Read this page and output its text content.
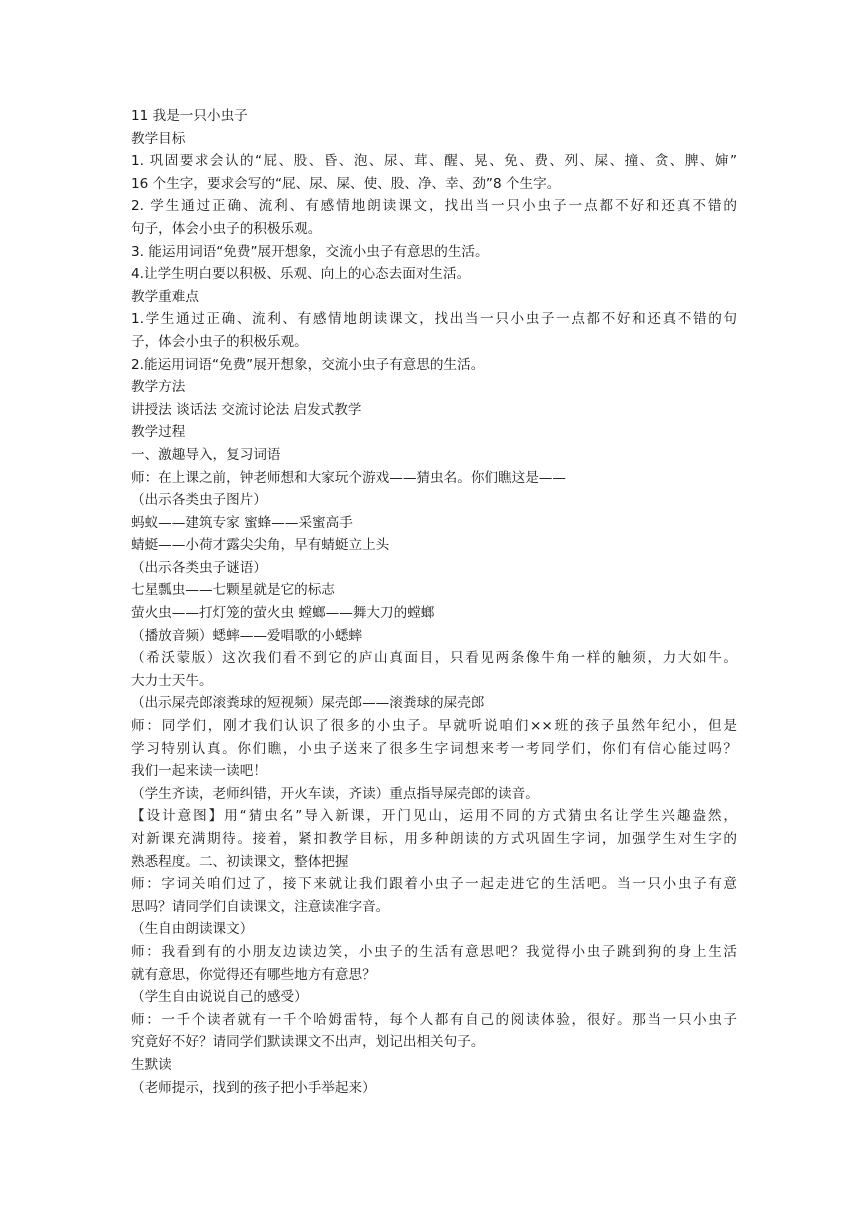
11 我是一只小虫子
教学目标
1. 巩固要求会认的“屁、股、昏、泡、尿、茸、醒、晃、免、费、列、屎、撞、贪、脾、婶”
16 个生字，要求会写的“屁、尿、屎、使、股、净、幸、劲”8 个生字。
2. 学生通过正确、流利、有感情地朗读课文，找出当一只小虫子一点都不好和还真不错的
句子，体会小虫子的积极乐观。
3. 能运用词语“免费”展开想象，交流小虫子有意思的生活。
4.让学生明白要以积极、乐观、向上的心态去面对生活。
教学重难点
1.学生通过正确、流利、有感情地朗读课文，找出当一只小虫子一点都不好和还真不错的句
子，体会小虫子的积极乐观。
2.能运用词语“免费”展开想象，交流小虫子有意思的生活。
教学方法
讲授法 谈话法 交流讨论法 启发式教学
教学过程
一、激趣导入，复习词语
师：在上课之前，钟老师想和大家玩个游戏——猜虫名。你们瞧这是——
（出示各类虫子图片）
蚂蚁——建筑专家 蜜蜂——采蜜高手
蜻蜓——小荷才露尖尖角，早有蜻蜓立上头
（出示各类虫子谜语）
七星瓢虫——七颗星就是它的标志
萤火虫——打灯笼的萤火虫 螳螂——舞大刀的螳螂
（播放音频）蟋蟀——爱唱歌的小蟋蟀
（希沃蒙版）这次我们看不到它的庐山真面目，只看见两条像牛角一样的触须，力大如牛。
大力士天牛。
（出示屎壳郎滚粪球的短视频）屎壳郎——滚粪球的屎壳郎
师：同学们，刚才我们认识了很多的小虫子。早就听说咱们××班的孩子虽然年纪小，但是
学习特别认真。你们瞧，小虫子送来了很多生字词想来考一考同学们，你们有信心能过吗？
我们一起来读一读吧！
（学生齐读，老师纠错，开火车读，齐读）重点指导屎壳郎的读音。
【设计意图】用“猜虫名”导入新课，开门见山，运用不同的方式猜虫名让学生兴趣盎然，
对新课充满期待。接着，紧扣教学目标，用多种朗读的方式巩固生字词，加强学生对生字的
熟悉程度。二、初读课文，整体把握
师：字词关咱们过了，接下来就让我们跟着小虫子一起走进它的生活吧。当一只小虫子有意
思吗？请同学们自读课文，注意读准字音。
（生自由朗读课文）
师：我看到有的小朋友边读边笑，小虫子的生活有意思吧？我觉得小虫子跳到狗的身上生活
就有意思，你觉得还有哪些地方有意思？
（学生自由说说自己的感受）
师：一千个读者就有一千个哈姆雷特，每个人都有自己的阅读体验，很好。那当一只小虫子
究竟好不好？请同学们默读课文不出声，划记出相关句子。
生默读
（老师提示，找到的孩子把小手举起来）
